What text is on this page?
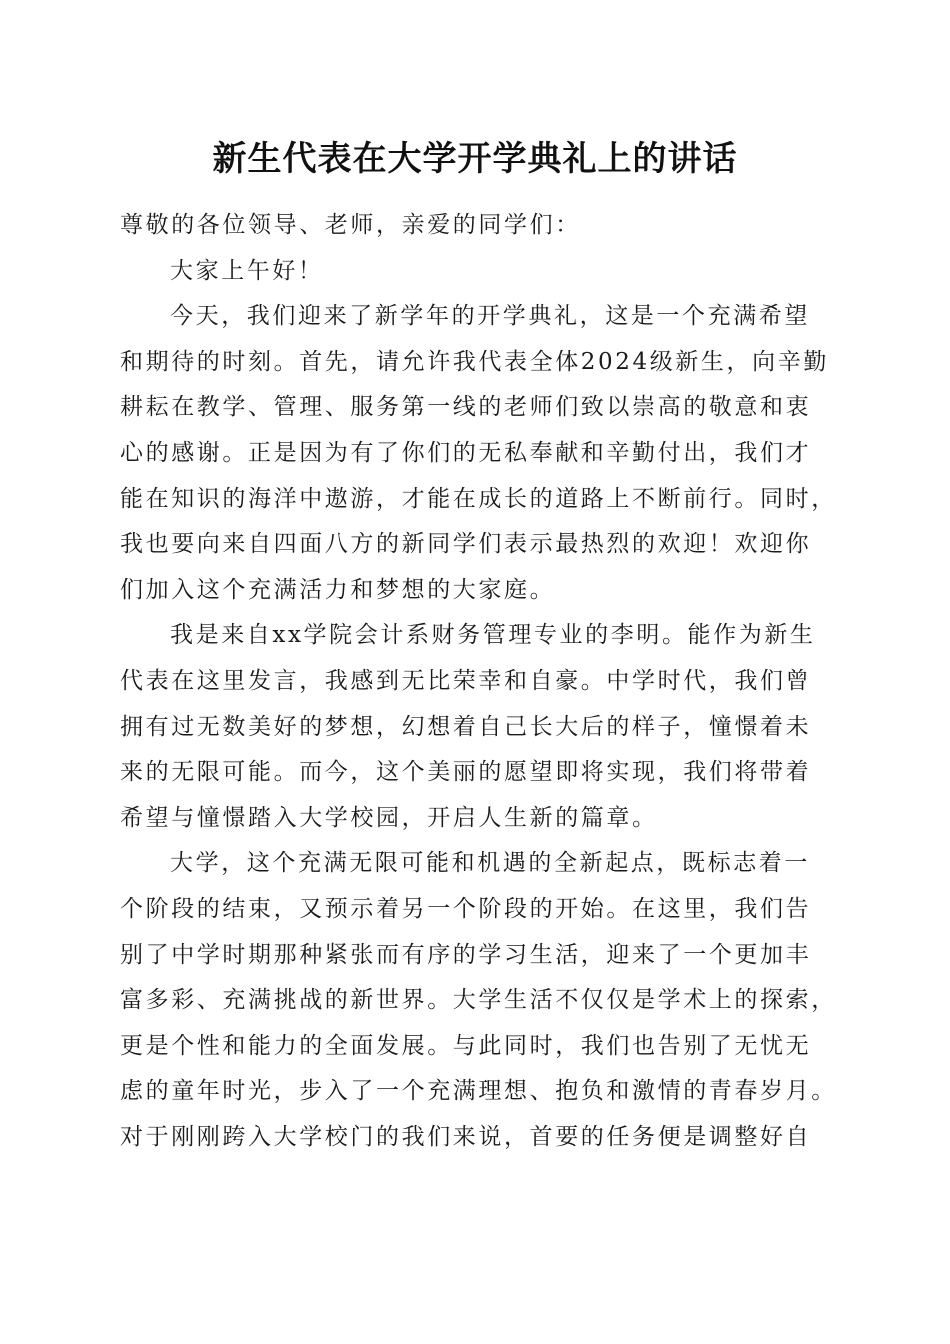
新生代表在大学开学典礼上的讲话
尊敬的各位领导、老师，亲爱的同学们：
大家上午好！
今天，我们迎来了新学年的开学典礼，这是一个充满希望
和期待的时刻。首先，请允许我代表全体2024级新生，向辛勤
耕耘在教学、管理、服务第一线的老师们致以崇高的敬意和衷
心的感谢。正是因为有了你们的无私奉献和辛勤付出，我们才
能在知识的海洋中遨游，才能在成长的道路上不断前行。同时，
我也要向来自四面八方的新同学们表示最热烈的欢迎！欢迎你
们加入这个充满活力和梦想的大家庭。
我是来自xx学院会计系财务管理专业的李明。能作为新生
代表在这里发言，我感到无比荣幸和自豪。中学时代，我们曾
拥有过无数美好的梦想，幻想着自己长大后的样子，憧憬着未
来的无限可能。而今，这个美丽的愿望即将实现，我们将带着
希望与憧憬踏入大学校园，开启人生新的篇章。
大学，这个充满无限可能和机遇的全新起点，既标志着一
个阶段的结束，又预示着另一个阶段的开始。在这里，我们告
别了中学时期那种紧张而有序的学习生活，迎来了一个更加丰
富多彩、充满挑战的新世界。大学生活不仅仅是学术上的探索，
更是个性和能力的全面发展。与此同时，我们也告别了无忧无
虑的童年时光，步入了一个充满理想、抱负和激情的青春岁月。
对于刚刚跨入大学校门的我们来说，首要的任务便是调整好自
